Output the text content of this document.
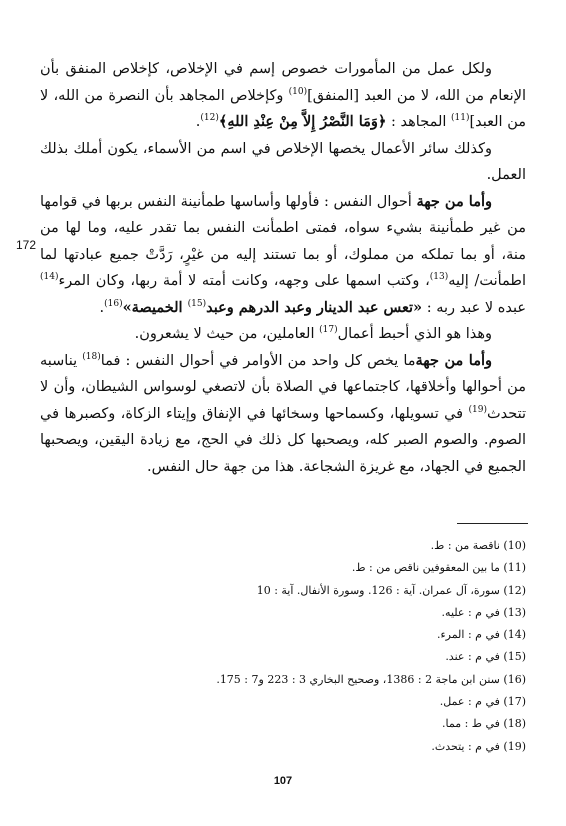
ولكل عمل من المأمورات خصوص إسم في الإخلاص، كإخلاص المنفق بأن الإنعام من الله، لا من العبد [المنفق]$^{(10)}$ وكإخلاص المجاهد بأن النصرة من الله، لا من العبد]$^{(11)}$ المجاهد : ﴿وَمَا النَّصْرُ إِلاَّ مِنْ عِنْدِ اللهِ﴾$^{(12)}$.

وكذلك سائر الأعمال يخصها الإخلاص في اسم من الأسماء، يكون أملك بذلك العمل.

وأما من جهة أحوال النفس : فأولها وأساسها طمأنينة النفس بربها في قوامها من غير طمأنينة بشيء سواه، فمتى اطمأنت النفس بما تقدر عليه، وما لها من منة، أو بما تملكه من مملوك، أو بما تستند إليه من غيْرٍ، رَدَّتْ جميع عبادتها لما اطمأنت/ إليه$^{(13)}$، وكتب اسمها على وجهه، وكانت أمته لا أمة ربها، وكان المرء$^{(14)}$ عبده لا عبد ربه : «تعس عبد الدينار وعبد الدرهم وعبد$^{(15)}$ الخميصة»$^{(16)}$.

وهذا هو الذي أحبط أعمال$^{(17)}$ العاملين، من حيث لا يشعرون.

وأما من جهةما يخص كل واحد من الأوامر في أحوال النفس : فما$^{(18)}$ يناسبه من أحوالها وأخلاقها، كاجتماعها في الصلاة بأن لاتصغي لوسواس الشيطان، وأن لا تتحدث$^{(19)}$ في تسويلها، وكسماحها وسخائها في الإنفاق وإيتاء الزكاة، وكصبرها في الصوم. والصوم الصبر كله، ويصحبها كل ذلك في الحج، مع زيادة اليقين، ويصحبها الجميع في الجهاد، مع غريزة الشجاعة. هذا من جهة حال النفس.

172
(10) ناقصة من : ط.
(11) ما بين المعقوفين ناقص من : ط.
(12) سورة، آل عمران. آية : 126. وسورة الأنفال. آية : 10
(13) في م : عليه.
(14) في م : المرء.
(15) في م : عند.
(16) سنن ابن ماجة 2 : 1386، وصحيح البخاري 3 : 223 و7 : 175.
(17) في م : عمل.
(18) في ط : مما.
(19) في م : يتحدث.
107
